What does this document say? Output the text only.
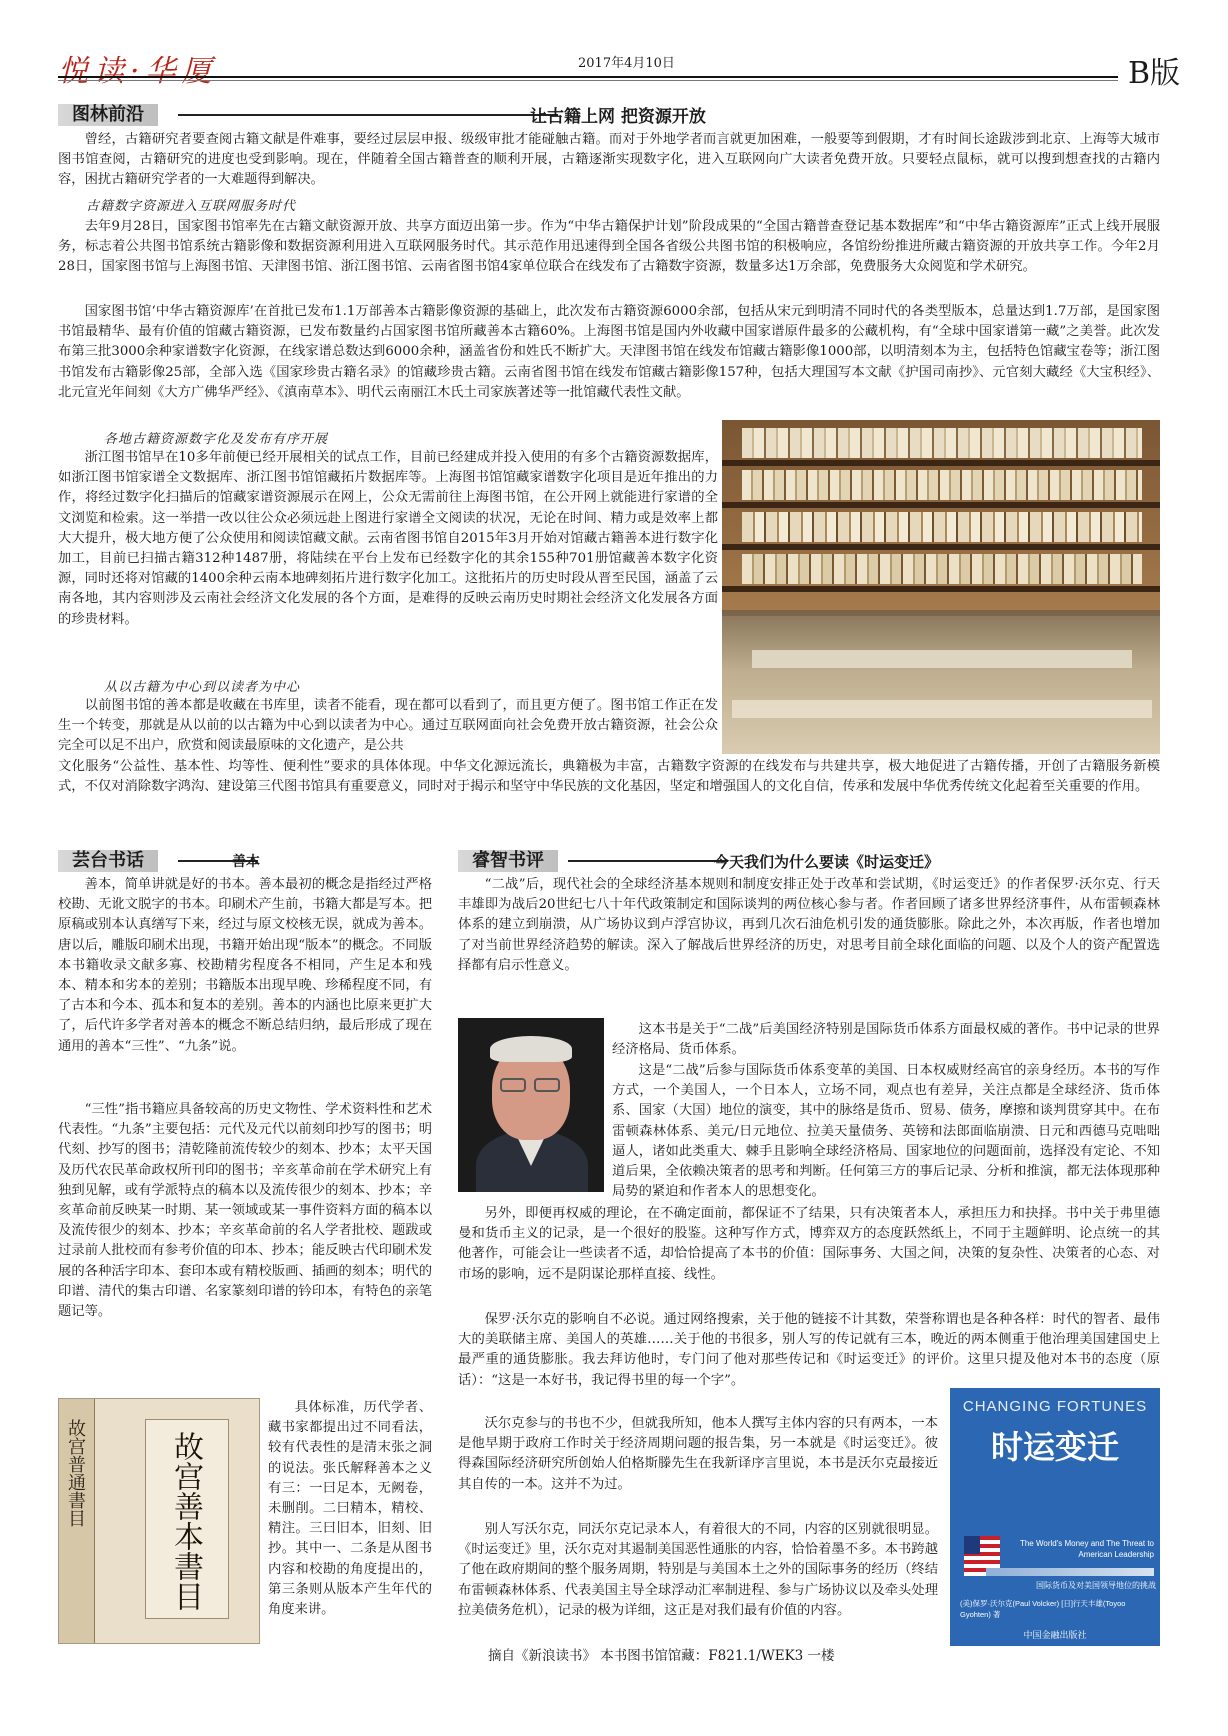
悦读·华厦	2017年4月10日	B版
图林前沿	让古籍上网 把资源开放
曾经，古籍研究者要查阅古籍文献是件难事，要经过层层申报、级级审批才能碰触古籍。而对于外地学者而言就更加困难，一般要等到假期，才有时间长途跋涉到北京、上海等大城市图书馆查阅，古籍研究的进度也受到影响。现在，伴随着全国古籍普查的顺利开展，古籍逐渐实现数字化，进入互联网向广大读者免费开放。只要轻点鼠标，就可以搜到想查找的古籍内容，困扰古籍研究学者的一大难题得到解决。
古籍数字资源进入互联网服务时代
去年9月28日，国家图书馆率先在古籍文献资源开放、共享方面迈出第一步。作为“中华古籍保护计划”阶段成果的“全国古籍普查登记基本数据库”和“中华古籍资源库”正式上线开展服务，标志着公共图书馆系统古籍影像和数据资源利用进入互联网服务时代。其示范作用迅速得到全国各省级公共图书馆的积极响应，各馆纷纷推进所藏古籍资源的开放共享工作。今年2月28日，国家图书馆与上海图书馆、天津图书馆、浙江图书馆、云南省图书馆4家单位联合在线发布了古籍数字资源，数量多达1万余部，免费服务大众阅览和学术研究。
国家图书馆‘中华古籍资源库’在首批已发布1.1万部善本古籍影像资源的基础上，此次发布古籍资源6000余部，包括从宋元到明清不同时代的各类型版本，总量达到1.7万部，是国家图书馆最精华、最有价值的馆藏古籍资源，已发布数量约占国家图书馆所藏善本古籍60%。上海图书馆是国内外收藏中国家谱原件最多的公藏机构，有“全球中国家谱第一藏”之美誉。此次发布第三批3000余种家谱数字化资源，在线家谱总数达到6000余种，涵盖省份和姓氏不断扩大。天津图书馆在线发布馆藏古籍影像1000部，以明清刻本为主，包括特色馆藏宝卷等；浙江图书馆发布古籍影像25部，全部入选《国家珍贵古籍名录》的馆藏珍贵古籍。云南省图书馆在线发布馆藏古籍影像157种，包括大理国写本文献《护国司南抄》、元官刻大藏经《大宝积经》、北元宣光年间刻《大方广佛华严经》、《滇南草本》、明代云南丽江木氏土司家族著述等一批馆藏代表性文献。
各地古籍资源数字化及发布有序开展
浙江图书馆早在10多年前便已经开展相关的试点工作，目前已经建成并投入使用的有多个古籍资源数据库，如浙江图书馆家谱全文数据库、浙江图书馆馆藏拓片数据库等。上海图书馆馆藏家谱数字化项目是近年推出的力作，将经过数字化扫描后的馆藏家谱资源展示在网上，公众无需前往上海图书馆，在公开网上就能进行家谱的全文浏览和检索。这一举措一改以往公众必须远赴上图进行家谱全文阅读的状况，无论在时间、精力或是效率上都大大提升，极大地方便了公众使用和阅读馆藏文献。云南省图书馆自2015年3月开始对馆藏古籍善本进行数字化加工，目前已扫描古籍312种1487册，将陆续在平台上发布已经数字化的其余155种701册馆藏善本数字化资源，同时还将对馆藏的1400余种云南本地碑刻拓片进行数字化加工。这批拓片的历史时段从晋至民国，涵盖了云南各地，其内容则涉及云南社会经济文化发展的各个方面，是难得的反映云南历史时期社会经济文化发展各方面的珍贵材料。
从以古籍为中心到以读者为中心
以前图书馆的善本都是收藏在书库里，读者不能看，现在都可以看到了，而且更方便了。图书馆工作正在发生一个转变，那就是从以前的以古籍为中心到以读者为中心。通过互联网面向社会免费开放古籍资源，社会公众完全可以足不出户，欣赏和阅读最原味的文化遗产，是公共
文化服务“公益性、基本性、均等性、便利性”要求的具体体现。中华文化源远流长，典籍极为丰富，古籍数字资源的在线发布与共建共享，极大地促进了古籍传播，开创了古籍服务新模式，不仅对消除数字鸿沟、建设第三代图书馆具有重要意义，同时对于揭示和坚守中华民族的文化基因，坚定和增强国人的文化自信，传承和发展中华优秀传统文化起着至关重要的作用。
芸台书话	善本
善本，简单讲就是好的书本。善本最初的概念是指经过严格校勘、无讹文脱字的书本。印刷术产生前，书籍大都是写本。把原稿或别本认真缮写下来，经过与原文校核无误，就成为善本。唐以后，雕版印刷术出现，书籍开始出现“版本”的概念。不同版本书籍收录文献多寡、校勘精劣程度各不相同，产生足本和残本、精本和劣本的差别；书籍版本出现早晚、珍稀程度不同，有了古本和今本、孤本和复本的差别。善本的内涵也比原来更扩大了，后代许多学者对善本的概念不断总结归纳，最后形成了现在通用的善本“三性”、“九条”说。
“三性”指书籍应具备较高的历史文物性、学术资料性和艺术代表性。“九条”主要包括：元代及元代以前刻印抄写的图书；明代刻、抄写的图书；清乾隆前流传较少的刻本、抄本；太平天国及历代农民革命政权所刊印的图书；辛亥革命前在学术研究上有独到见解，或有学派特点的稿本以及流传很少的刻本、抄本；辛亥革命前反映某一时期、某一领域或某一事件资料方面的稿本以及流传很少的刻本、抄本；辛亥革命前的名人学者批校、题跋或过录前人批校而有参考价值的印本、抄本；能反映古代印刷术发展的各种活字印本、套印本或有精校版画、插画的刻本；明代的印谱、清代的集古印谱、名家篆刻印谱的钤印本，有特色的亲笔题记等。
具体标准，历代学者、藏书家都提出过不同看法，较有代表性的是清末张之洞的说法。张氏解释善本之义有三：一曰足本，无阙卷，未删削。二曰精本，精校、精注。三曰旧本，旧刻、旧抄。其中一、二条是从图书内容和校勘的角度提出的，第三条则从版本产生年代的角度来讲。
故宫普通書目	故宫善本書目
睿智书评	今天我们为什么要读《时运变迁》
“二战”后，现代社会的全球经济基本规则和制度安排正处于改革和尝试期，《时运变迁》的作者保罗·沃尔克、行天丰雄即为战后20世纪七八十年代政策制定和国际谈判的两位核心参与者。作者回顾了诸多世界经济事件，从布雷顿森林体系的建立到崩溃，从广场协议到卢浮宫协议，再到几次石油危机引发的通货膨胀。除此之外，本次再版，作者也增加了对当前世界经济趋势的解读。深入了解战后世界经济的历史，对思考目前全球化面临的问题、以及个人的资产配置选择都有启示性意义。
这本书是关于“二战”后美国经济特别是国际货币体系方面最权威的著作。书中记录的世界经济格局、货币体系。
这是“二战”后参与国际货币体系变革的美国、日本权威财经高官的亲身经历。本书的写作方式，一个美国人，一个日本人，立场不同，观点也有差异，关注点都是全球经济、货币体系、国家（大国）地位的演变，其中的脉络是货币、贸易、债务，摩擦和谈判贯穿其中。在布雷顿森林体系、美元/日元地位、拉美天量债务、英镑和法郎面临崩溃、日元和西德马克咄咄逼人，诸如此类重大、棘手且影响全球经济格局、国家地位的问题面前，选择没有定论、不知道后果，全依赖决策者的思考和判断。任何第三方的事后记录、分析和推演，都无法体现那种局势的紧迫和作者本人的思想变化。
另外，即便再权威的理论，在不确定面前，都保证不了结果，只有决策者本人，承担压力和抉择。书中关于弗里德曼和货币主义的记录，是一个很好的股鉴。这种写作方式，博弈双方的态度跃然纸上，不同于主题鲜明、论点统一的其他著作，可能会让一些读者不适，却恰恰提高了本书的价值：国际事务、大国之间，决策的复杂性、决策者的心态、对市场的影响，远不是阴谋论那样直接、线性。
保罗·沃尔克的影响自不必说。通过网络搜索，关于他的链接不计其数，荣誉称谓也是各种各样：时代的智者、最伟大的美联储主席、美国人的英雄……关于他的书很多，别人写的传记就有三本，晚近的两本侧重于他治理美国建国史上最严重的通货膨胀。我去拜访他时，专门问了他对那些传记和《时运变迁》的评价。这里只提及他对本书的态度（原话）：“这是一本好书，我记得书里的每一个字”。
沃尔克参与的书也不少，但就我所知，他本人撰写主体内容的只有两本，一本是他早期于政府工作时关于经济周期问题的报告集，另一本就是《时运变迁》。彼得森国际经济研究所创始人伯格斯滕先生在我新译序言里说，本书是沃尔克最接近其自传的一本。这并不为过。
别人写沃尔克，同沃尔克记录本人，有着很大的不同，内容的区别就很明显。《时运变迁》里，沃尔克对其遏制美国恶性通胀的内容，恰恰着墨不多。本书跨越了他在政府期间的整个服务周期，特别是与美国本土之外的国际事务的经历（终结布雷顿森林体系、代表美国主导全球浮动汇率制进程、参与广场协议以及牵头处理拉美债务危机），记录的极为详细，这正是对我们最有价值的内容。
摘自《新浪读书》 本书图书馆馆藏：F821.1/WEK3 一楼
CHANGING FORTUNES
时运变迁
The World's Money and The Threat to American Leadership
国际货币及对美国领导地位的挑战
(美)保罗·沃尔克(Paul Volcker) [日]行天丰雄(Toyoo Gyohten) 著
中国金融出版社
